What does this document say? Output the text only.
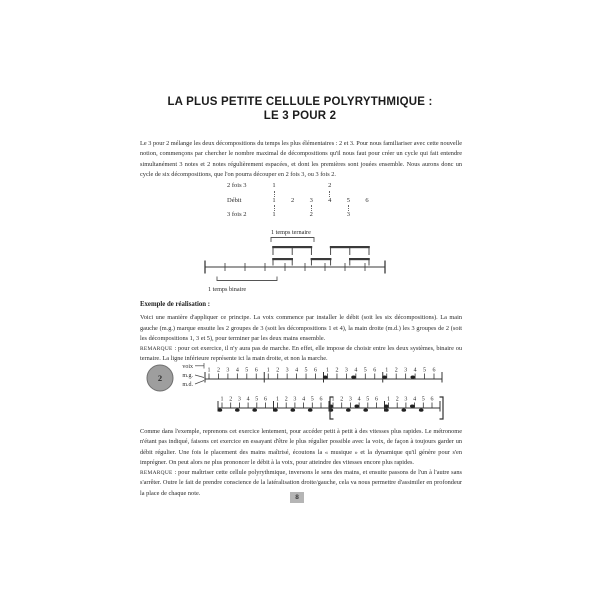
LA PLUS PETITE CELLULE POLYRYTHMIQUE :
LE 3 POUR 2
Le 3 pour 2 mélange les deux décompositions du temps les plus élémentaires : 2 et 3. Pour nous familiariser avec cette nouvelle notion, commençons par chercher le nombre maximal de décompositions qu'il nous faut pour créer un cycle qui fait entendre simultanément 3 notes et 2 notes régulièrement espacées, et dont les premières sont jouées ensemble. Nous aurons donc un cycle de six décompositions, que l'on pourra découper en 2 fois 3, ou 3 fois 2.
2 fois 3	1	2
Débit	1 2 3 4 5 6
3 fois 2	1	2	3
1 temps ternaire
1 temps binaire
Exemple de réalisation :
Voici une manière d'appliquer ce principe. La voix commence par installer le débit (soit les six décompositions). La main gauche (m.g.) marque ensuite les 2 groupes de 3 (soit les décompositions 1 et 4), la main droite (m.d.) les 3 groupes de 2 (soit les décompositions 1, 3 et 5), pour terminer par les deux mains ensemble.
REMARQUE : pour cet exercice, il n'y aura pas de marche. En effet, elle impose de choisir entre les deux systèmes, binaire ou ternaire. La ligne inférieure représente ici la main droite, et non la marche.
1 2 3 4 5 6 1 2 3 4 5 6 1 2 3 4 5 6 1 2 3 4 5 6
1 2 3 4 5 6 1 2 3 4 5 6 1 2 3 4 5 6 1 2 3 4 5 6
2
voix
m.g.
m.d.
Comme dans l'exemple, reprenons cet exercice lentement, pour accéder petit à petit à des vitesses plus rapides. Le métronome n'étant pas indiqué, faisons cet exercice en essayant d'être le plus régulier possible avec la voix, de façon à toujours garder un débit régulier. Une fois le placement des mains maîtrisé, écoutons la « musique » et la dynamique qu'il génère pour s'en imprégner. On peut alors ne plus prononcer le débit à la voix, pour atteindre des vitesses encore plus rapides.
REMARQUE : pour maîtriser cette cellule polyrythmique, inversons le sens des mains, et ensuite passons de l'un à l'autre sans s'arrêter. Outre le fait de prendre conscience de la latéralisation droite/gauche, cela va nous permettre d'assimiler en profondeur la place de chaque note.
8
